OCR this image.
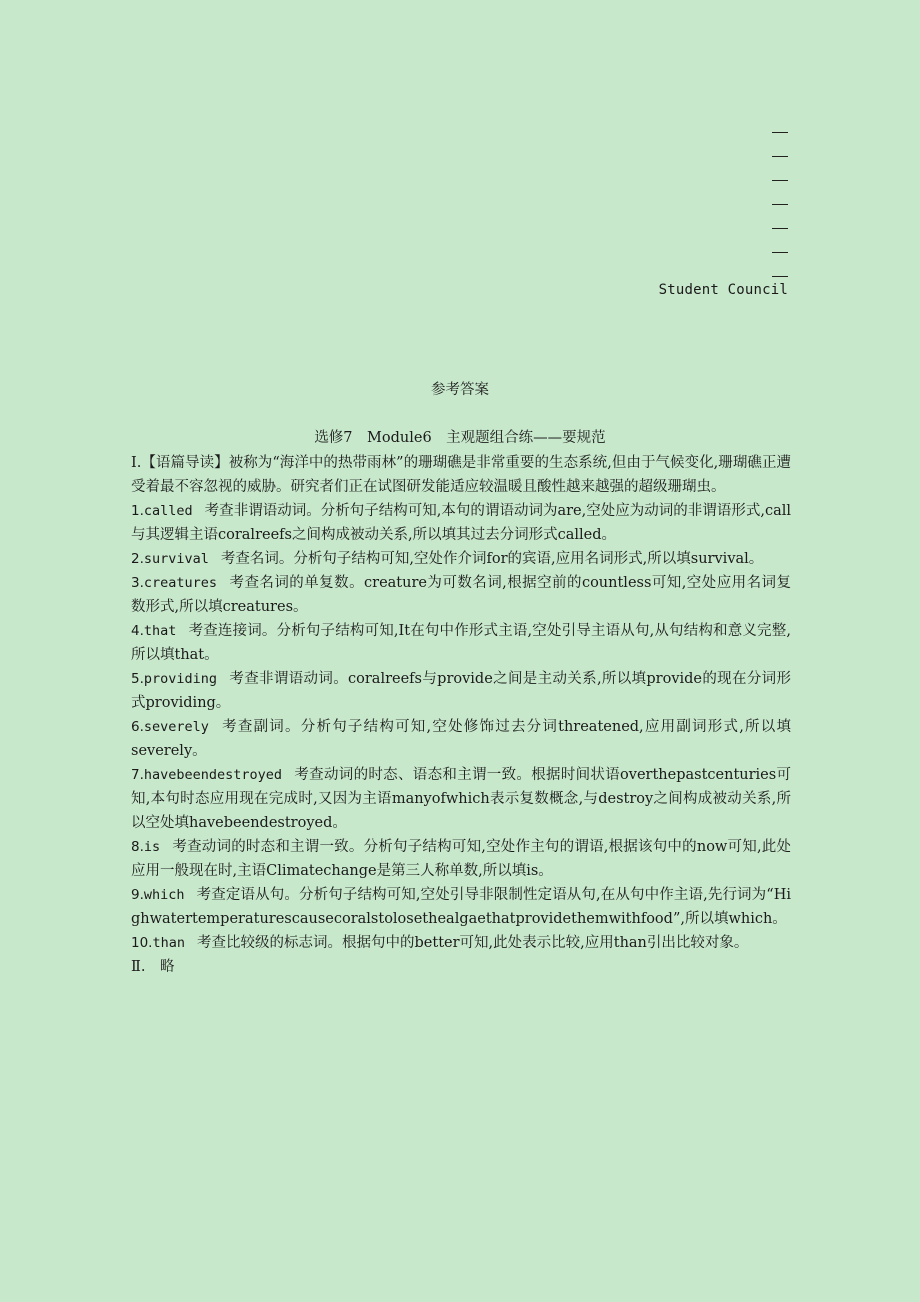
Student Council
参考答案
选修7　Module6　主观题组合练——要规范

Ⅰ.【语篇导读】被称为“海洋中的热带雨林”的珊瑚礁是非常重要的生态系统,但由于气候变化,珊瑚礁正遭受着最不容忽视的威胁。研究者们正在试图研发能适应较温暖且酸性越来越强的超级珊瑚虫。

1.called 考查非谓语动词。分析句子结构可知,本句的谓语动词为are,空处应为动词的非谓语形式,call与其逻辑主语coralreefs之间构成被动关系,所以填其过去分词形式called。

2.survival 考查名词。分析句子结构可知,空处作介词for的宾语,应用名词形式,所以填survival。

3.creatures 考查名词的单复数。creature为可数名词,根据空前的countless可知,空处应用名词复数形式,所以填creatures。

4.that 考查连接词。分析句子结构可知,It在句中作形式主语,空处引导主语从句,从句结构和意义完整,所以填that。

5.providing 考查非谓语动词。coralreefs与provide之间是主动关系,所以填provide的现在分词形式providing。

6.severely 考查副词。分析句子结构可知,空处修饰过去分词threatened,应用副词形式,所以填severely。

7.havebeendestroyed 考查动词的时态、语态和主谓一致。根据时间状语overthepastcenturies可知,本句时态应用现在完成时,又因为主语manyofwhich表示复数概念,与destroy之间构成被动关系,所以空处填havebeendestroyed。

8.is 考查动词的时态和主谓一致。分析句子结构可知,空处作主句的谓语,根据该句中的now可知,此处应用一般现在时,主语Climatechange是第三人称单数,所以填is。

9.which 考查定语从句。分析句子结构可知,空处引导非限制性定语从句,在从句中作主语,先行词为“Highwatertemperaturescausecoralstolosethealgaethatprovidethemwithfood”,所以填which。

10.than 考查比较级的标志词。根据句中的better可知,此处表示比较,应用than引出比较对象。

Ⅱ.　略
